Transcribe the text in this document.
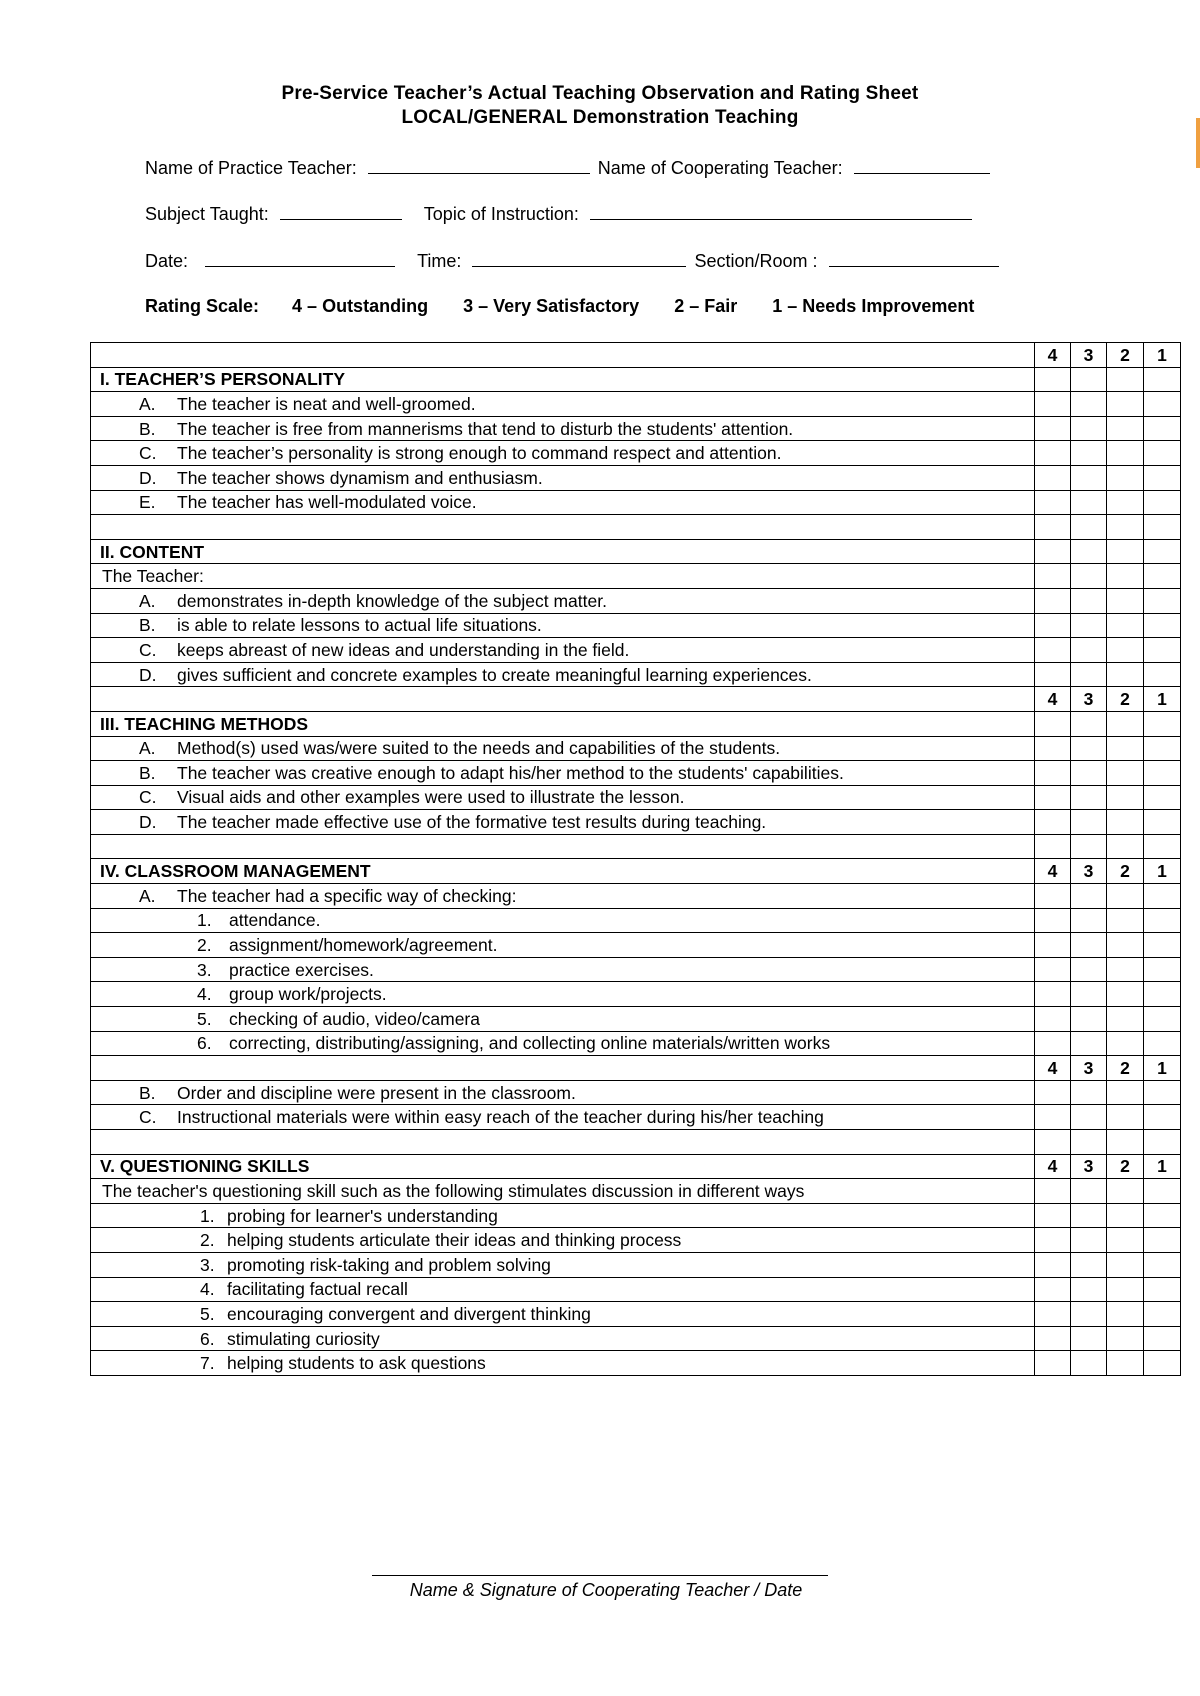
Pre-Service Teacher’s Actual Teaching Observation and Rating Sheet
LOCAL/GENERAL Demonstration Teaching
Name of Practice Teacher:	Name of Cooperating Teacher:
Subject Taught:	Topic of Instruction:
Date:	Time:	Section/Room :
Rating Scale: 4 – Outstanding 3 – Very Satisfactory 2 – Fair 1 – Needs Improvement
	4	3	2	1
I. TEACHER’S PERSONALITY				
A. The teacher is neat and well-groomed.				
B. The teacher is free from mannerisms that tend to disturb the students' attention.				
C. The teacher’s personality is strong enough to command respect and attention.				
D. The teacher shows dynamism and enthusiasm.				
E. The teacher has well-modulated voice.				

II. CONTENT				
The Teacher:				
A. demonstrates in-depth knowledge of the subject matter.				
B. is able to relate lessons to actual life situations.				
C. keeps abreast of new ideas and understanding in the field.				
D. gives sufficient and concrete examples to create meaningful learning experiences.				
	4	3	2	1
III. TEACHING METHODS				
A. Method(s) used was/were suited to the needs and capabilities of the students.				
B. The teacher was creative enough to adapt his/her method to the students' capabilities.				
C. Visual aids and other examples were used to illustrate the lesson.				
D. The teacher made effective use of the formative test results during teaching.				

IV. CLASSROOM MANAGEMENT	4	3	2	1
A. The teacher had a specific way of checking:				
1. attendance.				
2. assignment/homework/agreement.				
3. practice exercises.				
4. group work/projects.				
5. checking of audio, video/camera				
6. correcting, distributing/assigning, and collecting online materials/written works				
	4	3	2	1
B. Order and discipline were present in the classroom.				
C. Instructional materials were within easy reach of the teacher during his/her teaching				

V. QUESTIONING SKILLS	4	3	2	1
The teacher's questioning skill such as the following stimulates discussion in different ways				
1. probing for learner's understanding				
2. helping students articulate their ideas and thinking process				
3. promoting risk-taking and problem solving				
4. facilitating factual recall				
5. encouraging convergent and divergent thinking				
6. stimulating curiosity				
7. helping students to ask questions				
Name & Signature of Cooperating Teacher / Date
